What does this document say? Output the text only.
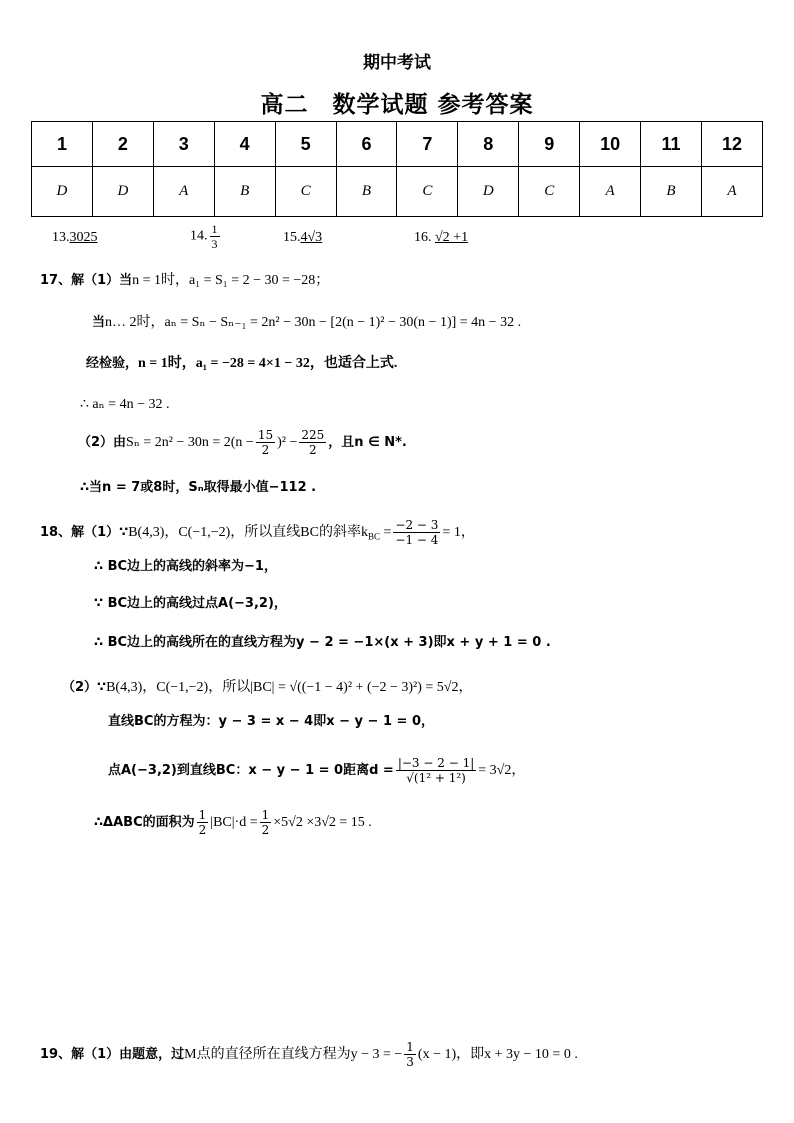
期中考试
高二　数学试题 参考答案
1	2	3	4	5	6	7	8	9	10	11	12
D	D	A	B	C	B	C	D	C	A	B	A
13.3025	14. $\frac{1}{3}$	15.4√3	16. √2 +1
17、解（1）当n = 1时，a₁ = S₁ = 2 − 30 = −28；
当n… 2时，aₙ = Sₙ − Sₙ₋₁ = 2n² − 30n − [2(n − 1)² − 30(n − 1)] = 4n − 32 .
经检验，n = 1时，a₁ = −28 = 4×1 − 32，也适合上式.
∴ aₙ = 4n − 32 .
（2）由$S_n = 2n^2 - 30n = 2(n - \frac{15}{2} )^2 - \frac{225}{2}$ ，且n ∈ N*.
∴当n = 7或8时，Sₙ取得最小值−112 .
18、解（1）∵B(4,3)，C(−1,−2)，所以直线BC的斜率$k_{BC} = \frac{-2 - 3}{-1 - 4} = 1$，
∴ BC边上的高线的斜率为−1，
∵ BC边上的高线过点A(−3,2)，
∴ BC边上的高线所在的直线方程为y − 2 = −1×(x + 3)即x + y + 1 = 0 .
（2）∵B(4,3)，C(−1,−2)，所以|BC| = √((−1 − 4)² + (−2 − 3)²) = 5√2，
直线BC的方程为：y − 3 = x − 4即x − y − 1 = 0，
点A(−3,2)到直线BC：x − y − 1 = 0距离$d = \frac{|-3 - 2 - 1|}{\text{√(1² + 1²)}} = 3√2$，
∴ΔABC的面积为 $\frac{1}{2} |BC|\cdot d = \frac{1}{2} \times 5√2 \times 3√2 = 15$ .
19、解（1）由题意，过M点的直径所在直线方程为y − 3 = − $\frac{1}{3} (x - 1)$，即x + 3y − 10 = 0 .
